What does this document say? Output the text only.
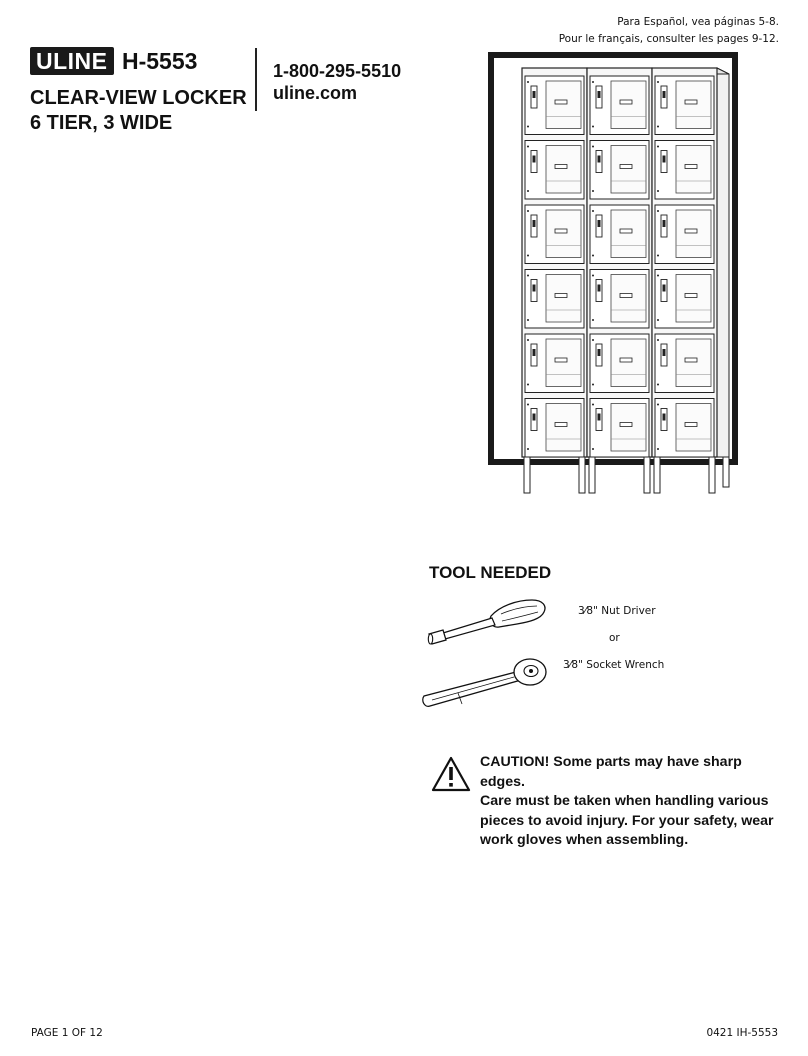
ULINE H-5553
CLEAR-VIEW LOCKER
6 TIER, 3 WIDE
1-800-295-5510
uline.com
Para Español, vea páginas 5-8.
Pour le français, consulter les pages 9-12.
TOOL NEEDED
3⁄8" Nut Driver
or
3⁄8" Socket Wrench
CAUTION! Some parts may have sharp edges.
Care must be taken when handling various
pieces to avoid injury. For your safety, wear
work gloves when assembling.
PAGE 1 OF 12	0421 IH-5553
